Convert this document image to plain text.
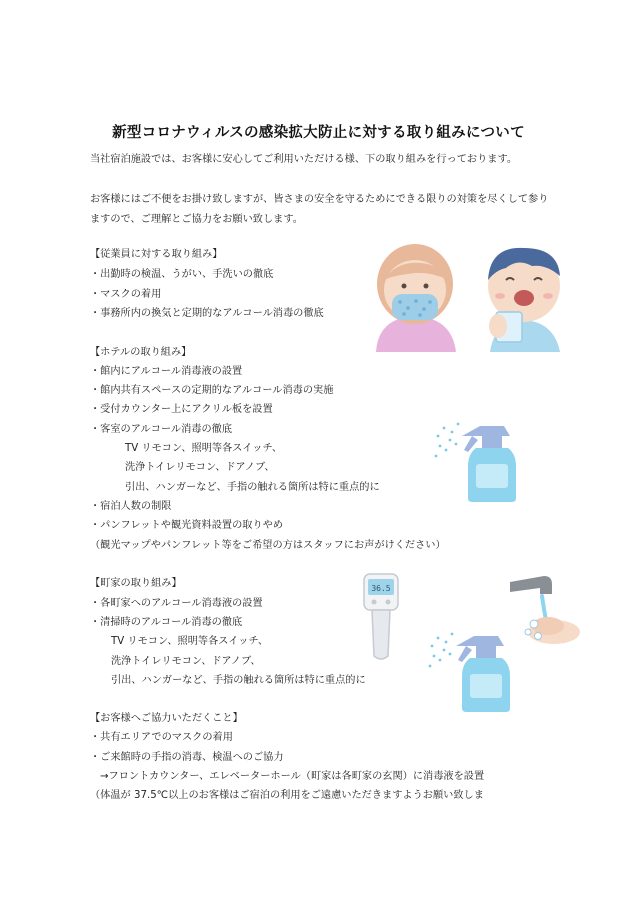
新型コロナウィルスの感染拡大防止に対する取り組みについて
当社宿泊施設では、お客様に安心してご利用いただける様、下の取り組みを行っております。
お客様にはご不便をお掛け致しますが、皆さまの安全を守るためにできる限りの対策を尽くして参りますので、ご理解とご協力をお願い致します。
【従業員に対する取り組み】
・出勤時の検温、うがい、手洗いの徹底
・マスクの着用
・事務所内の換気と定期的なアルコール消毒の徹底
【ホテルの取り組み】
・館内にアルコール消毒液の設置
・館内共有スペースの定期的なアルコール消毒の実施
・受付カウンター上にアクリル板を設置
・客室のアルコール消毒の徹底
TV リモコン、照明等各スイッチ、
洗浄トイレリモコン、ドアノブ、
引出、ハンガーなど、手指の触れる箇所は特に重点的に
・宿泊人数の制限
・パンフレットや観光資料設置の取りやめ
（観光マップやパンフレット等をご希望の方はスタッフにお声がけください）
【町家の取り組み】
・各町家へのアルコール消毒液の設置
・清掃時のアルコール消毒の徹底
TV リモコン、照明等各スイッチ、
洗浄トイレリモコン、ドアノブ、
引出、ハンガーなど、手指の触れる箇所は特に重点的に
【お客様へご協力いただくこと】
・共有エリアでのマスクの着用
・ご来館時の手指の消毒、検温へのご協力
→フロントカウンター、エレベーターホール（町家は各町家の玄関）に消毒液を設置
（体温が 37.5℃以上のお客様はご宿泊の利用をご遠慮いただきますようお願い致しま
36.5
